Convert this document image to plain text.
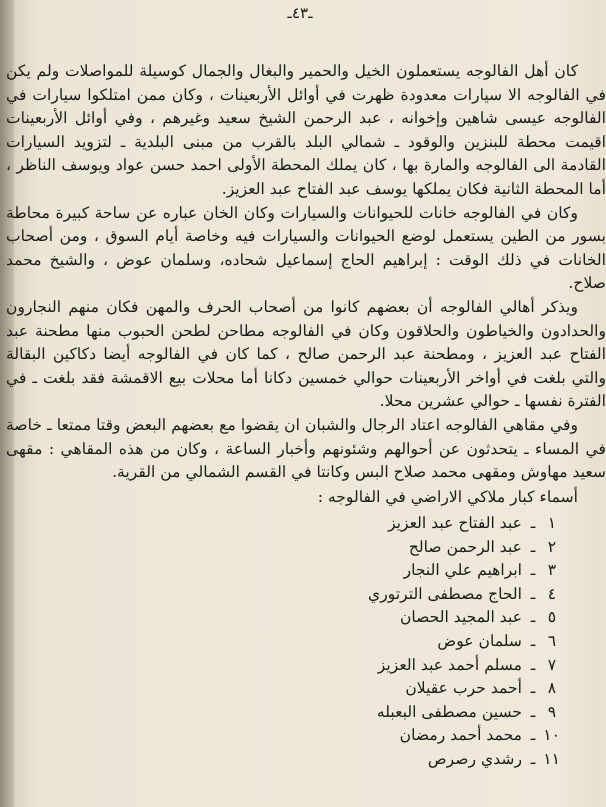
ـ٤٣ـ

كان أهل الفالوجه يستعملون الخيل والحمير والبغال والجمال كوسيلة للمواصلات ولم يكن في الفالوجه الا سيارات معدودة ظهرت في أوائل الأربعينات ، وكان ممن امتلكوا سيارات في الفالوجه عيسى شاهين وإخوانه ، عبد الرحمن الشيخ سعيد وغيرهم ، وفي أوائل الأربعينات اقيمت محطة للبنزين والوقود ـ شمالي البلد بالقرب من مبنى البلدية ـ لتزويد السيارات القادمة الى الفالوجه والمارة بها ، كان يملك المحطة الأولى احمد حسن عواد ويوسف الناظر ، أما المحطة الثانية فكان يملكها يوسف عبد الفتاح عبد العزيز.

وكان في الفالوجه خانات للحيوانات والسيارات وكان الخان عباره عن ساحة كبيرة محاطة بسور من الطين يستعمل لوضع الحيوانات والسيارات فيه وخاصة أيام السوق ، ومن أصحاب الخانات في ذلك الوقت : إبراهيم الحاج إسماعيل شحاده، وسلمان عوض ، والشيخ محمد صلاح.

ويذكر أهالي الفالوجه أن بعضهم كانوا من أصحاب الحرف والمهن فكان منهم النجارون والحدادون والخياطون والحلاقون وكان في الفالوجه مطاحن لطحن الحبوب منها مطحنة عبد الفتاح عبد العزيز ، ومطحنة عبد الرحمن صالح ، كما كان في الفالوجه أيضا دكاكين البقالة والتي بلغت في أواخر الأربعينات حوالي خمسين دكانا أما محلات بيع الاقمشة فقد بلغت ـ في الفترة نفسها ـ حوالي عشرين محلا.

وفي مقاهي الفالوجه اعتاد الرجال والشبان ان يقضوا مع بعضهم البعض وقتا ممتعا ـ خاصة في المساء ـ يتحدثون عن أحوالهم وشئونهم وأخبار الساعة ، وكان من هذه المقاهي : مقهى سعيد مهاوش ومقهى محمد صلاح البس وكانتا في القسم الشمالي من القرية.

أسماء كبار ملاكي الاراضي في الفالوجه :

١ـعبد الفتاح عبد العزيز
٢ـعبد الرحمن صالح
٣ـابراهيم علي النجار
٤ـالحاج مصطفى الترتوري
٥ـعبد المجيد الحصان
٦ـسلمان عوض
٧ـمسلم أحمد عبد العزيز
٨ـأحمد حرب عقيلان
٩ـحسين مصطفى البعبله
١٠ـمحمد أحمد رمضان
١١ـرشدي رصرص
